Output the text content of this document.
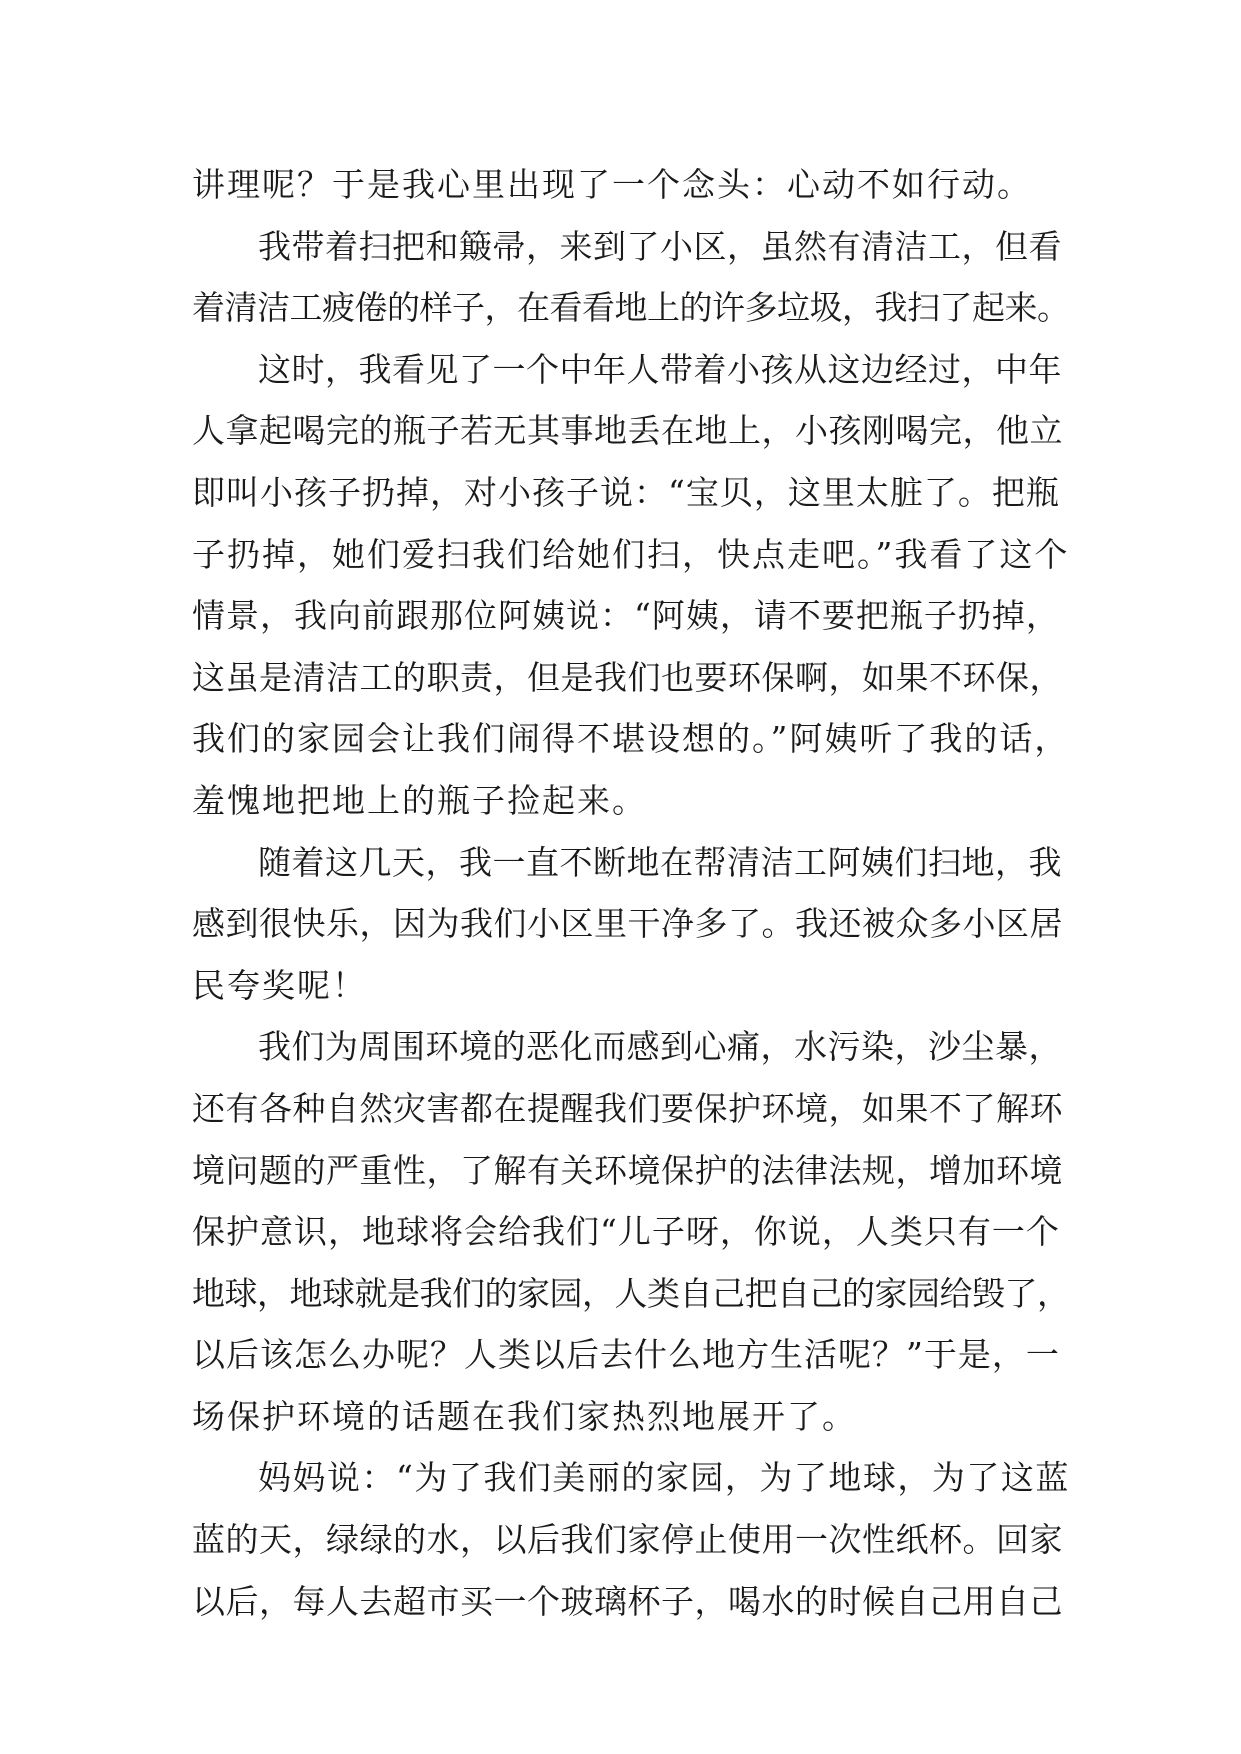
讲理呢？于是我心里出现了一个念头：心动不如行动。
我带着扫把和簸帚，来到了小区，虽然有清洁工，但看
着清洁工疲倦的样子，在看看地上的许多垃圾，我扫了起来。
这时，我看见了一个中年人带着小孩从这边经过，中年
人拿起喝完的瓶子若无其事地丢在地上，小孩刚喝完，他立
即叫小孩子扔掉，对小孩子说：“宝贝，这里太脏了。把瓶
子扔掉，她们爱扫我们给她们扫，快点走吧。”我看了这个
情景，我向前跟那位阿姨说：“阿姨，请不要把瓶子扔掉，
这虽是清洁工的职责，但是我们也要环保啊，如果不环保，
我们的家园会让我们闹得不堪设想的。”阿姨听了我的话，
羞愧地把地上的瓶子捡起来。
随着这几天，我一直不断地在帮清洁工阿姨们扫地，我
感到很快乐，因为我们小区里干净多了。我还被众多小区居
民夸奖呢！
我们为周围环境的恶化而感到心痛，水污染，沙尘暴，
还有各种自然灾害都在提醒我们要保护环境，如果不了解环
境问题的严重性，了解有关环境保护的法律法规，增加环境
保护意识，地球将会给我们“儿子呀，你说，人类只有一个
地球，地球就是我们的家园，人类自己把自己的家园给毁了，
以后该怎么办呢？人类以后去什么地方生活呢？”于是，一
场保护环境的话题在我们家热烈地展开了。
妈妈说：“为了我们美丽的家园，为了地球，为了这蓝
蓝的天，绿绿的水，以后我们家停止使用一次性纸杯。回家
以后，每人去超市买一个玻璃杯子，喝水的时候自己用自己
